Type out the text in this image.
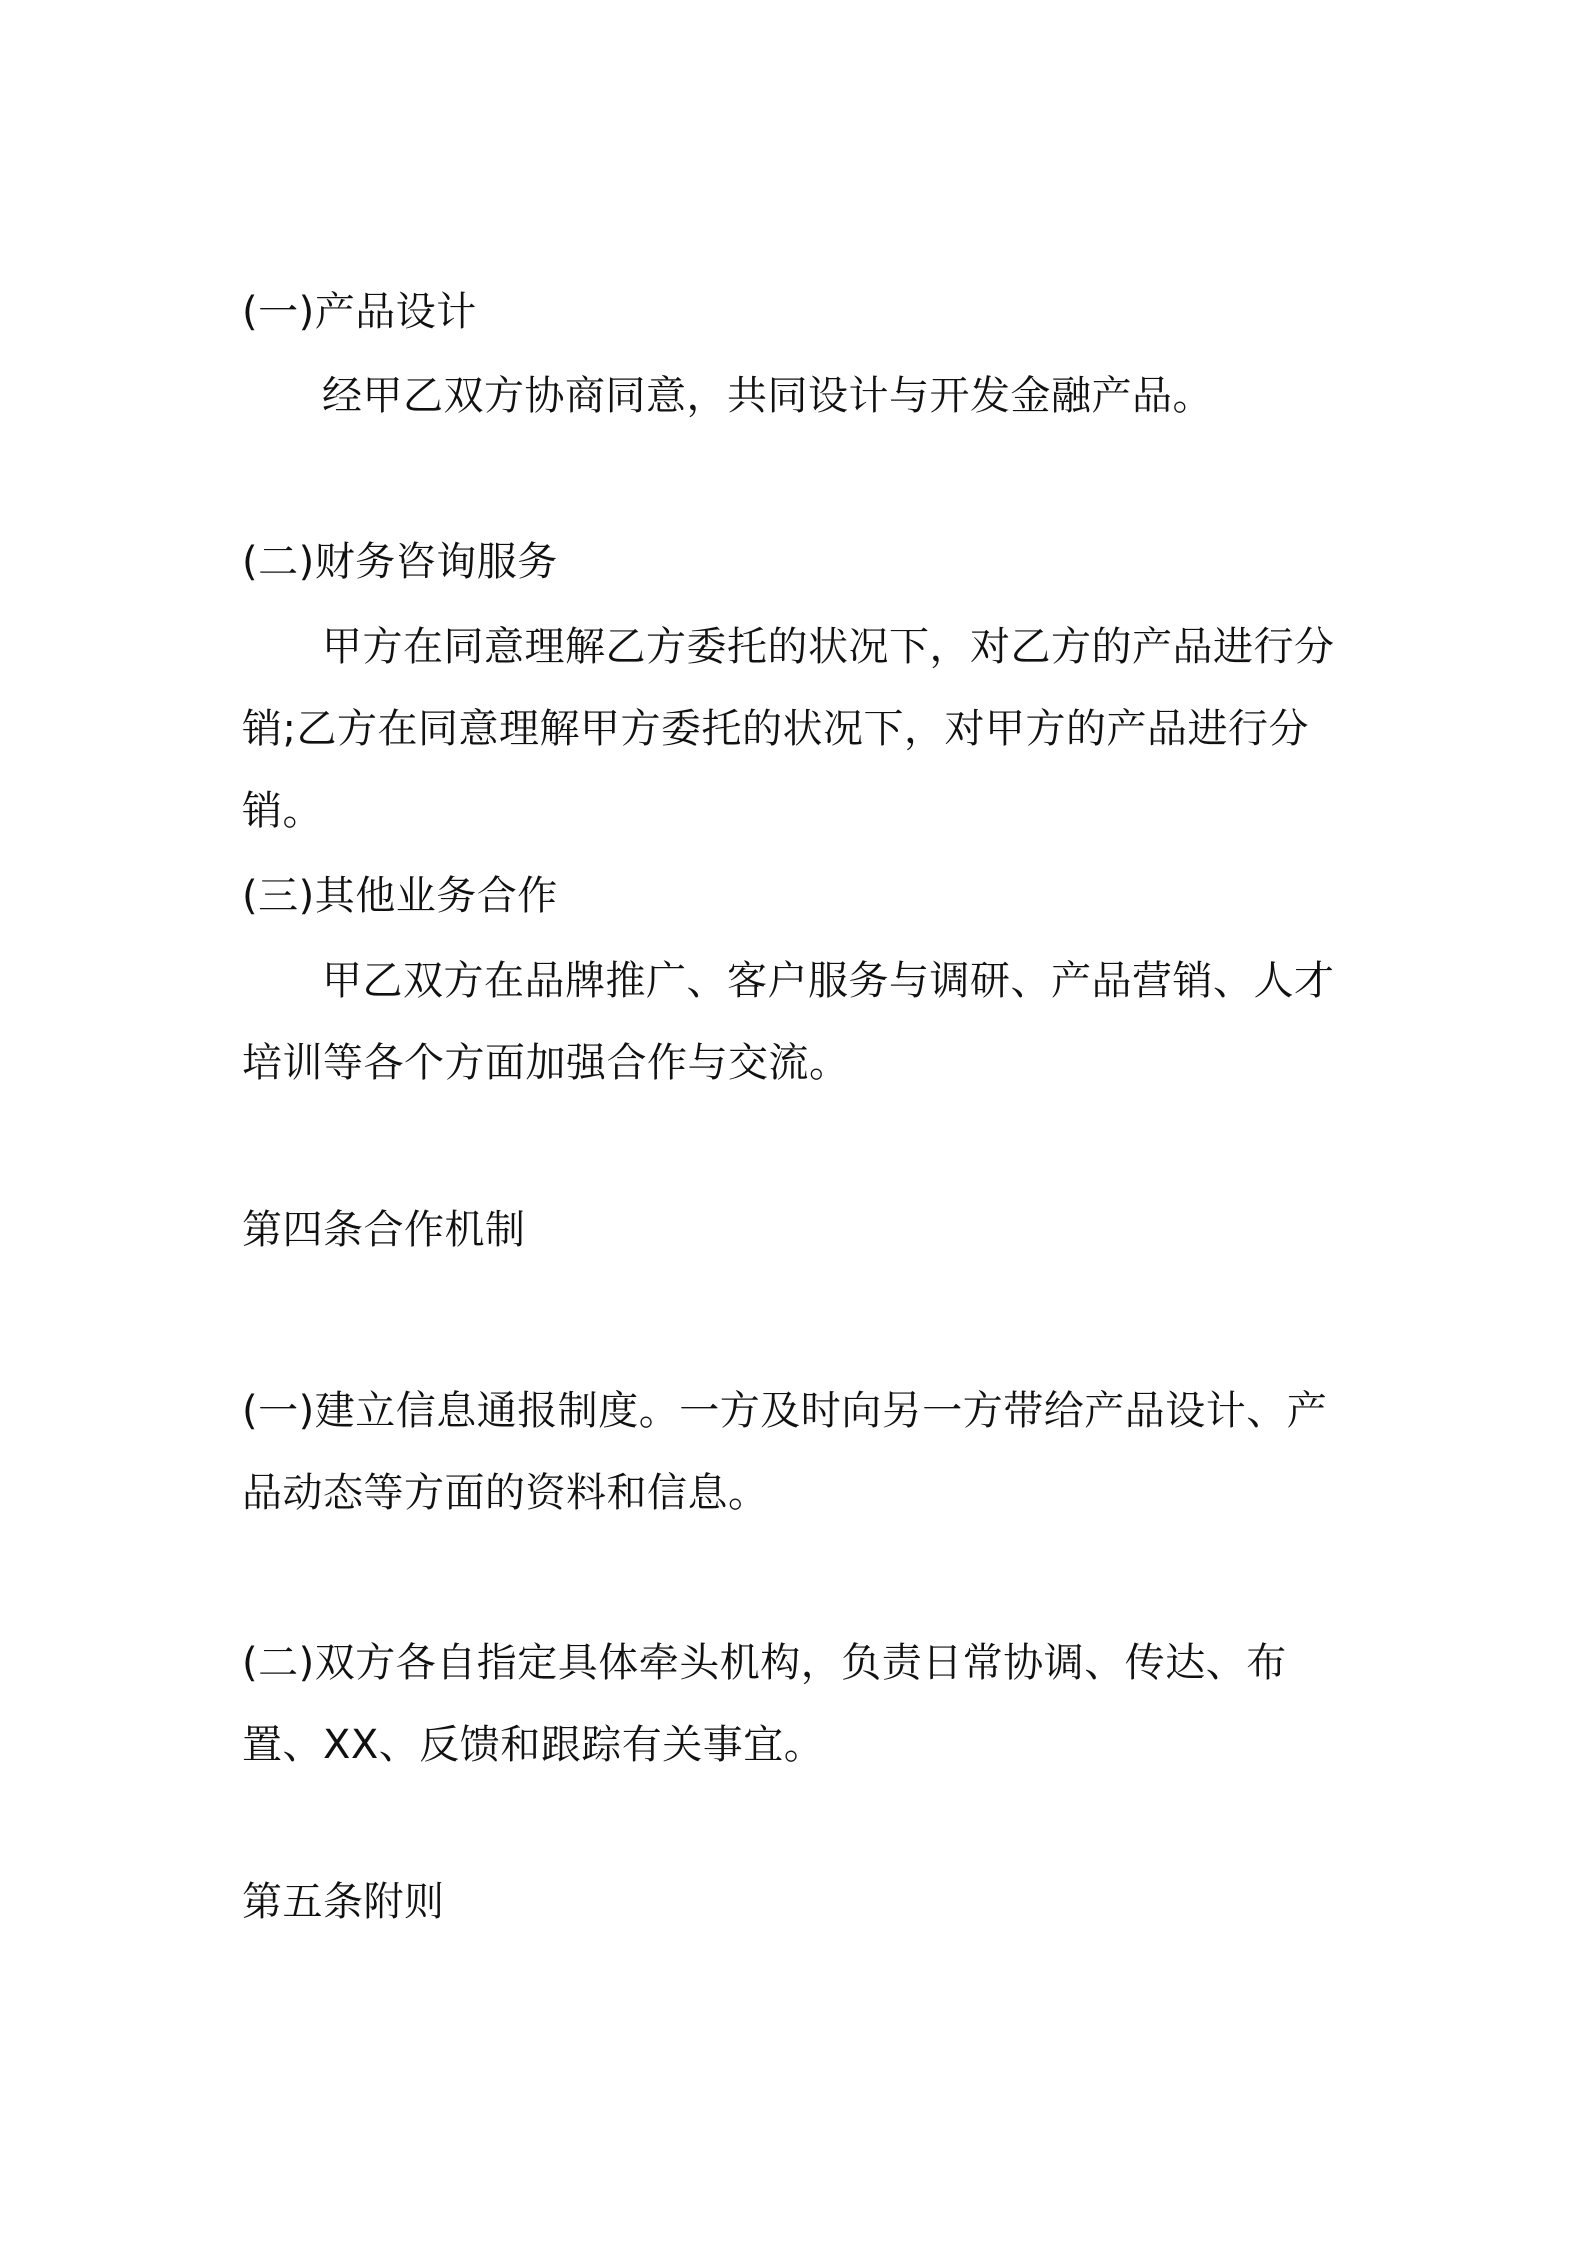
(一)产品设计
经甲乙双方协商同意，共同设计与开发金融产品。
(二)财务咨询服务
甲方在同意理解乙方委托的状况下，对乙方的产品进行分销;乙方在同意理解甲方委托的状况下，对甲方的产品进行分销。
(三)其他业务合作
甲乙双方在品牌推广、客户服务与调研、产品营销、人才培训等各个方面加强合作与交流。
第四条合作机制
(一)建立信息通报制度。一方及时向另一方带给产品设计、产品动态等方面的资料和信息。
(二)双方各自指定具体牵头机构，负责日常协调、传达、布置、XX、反馈和跟踪有关事宜。
第五条附则
